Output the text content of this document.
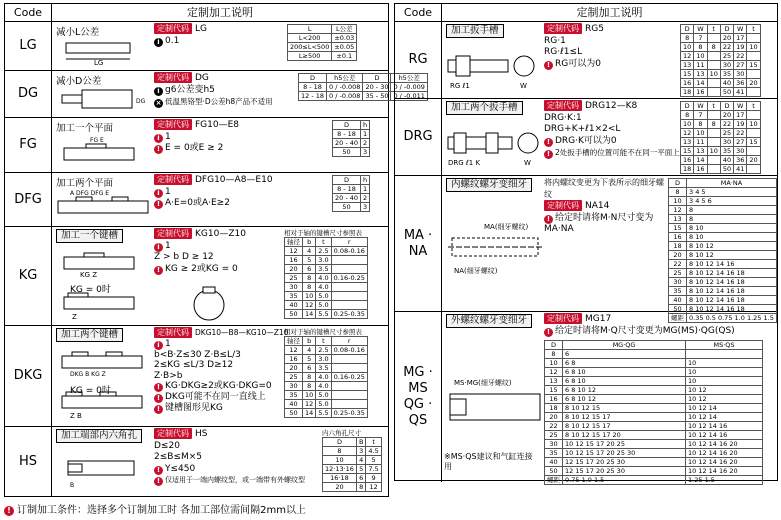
Code	定制加工说明
LG
减小L公差
LG
定制代码 LG
i 0.1
L	L公差
L<200	±0.03
200≤L<500	±0.05
L≥500	±0.1
DG
减小D公差
DG
定制代码 DG
i g6公差变h5
× 低温黑铬型·D公差h8产品不适用
D	h5公差	D	h5公差
8 - 18	0 / -0.008	20 - 30	0 / -0.009
12 - 18	0 / -0.008	35 - 50	0 / -0.011
FG
加工一个平面
FG E
定制代码 FG10—E8
i 1
! E = 0或E ≥ 2
D	h
8 - 18	1
20 - 40	2
50	3
DFG
加工两个平面
A DFG DFG E
定制代码 DFG10—A8—E10
i 1
! A·E=0或A·E≥2
D	h
8 - 18	1
20 - 40	2
50	3
KG
加工一个键槽
KG Z
Z
KG = 0时
定制代码 KG10—Z10
i 1
Z > b D ≥ 12
! KG ≥ 2或KG = 0
相对于轴的键槽尺寸参照表
轴径	b	t	r
12	4	2.5	0.08-0.16
16	5	3.0	
20	6	3.5	
25	8	4.0	0.16-0.25
30	8	4.0	
35	10	5.0	
40	12	5.0	
50	14	5.5	0.25-0.35
DKG
加工两个键槽
DKG B KG Z
Z B
KG = 0时
定制代码 DKG10—B8—KG10—Z10
i 1
b<B·Z≤30 Z·B≤L/3
2≤KG ≤L/3 D≥12
Z·B>b
! KG·DKG≥2或KG·DKG=0
! DKG可能不在同一直线上
! 键槽图形见KG
相对于轴的键槽尺寸参照表
轴径	b	t	r
12	4	2.5	0.08-0.16
16	5	3.0	
20	6	3.5	
25	8	4.0	0.16-0.25
30	8	4.0	
35	10	5.0	
40	12	5.0	
50	14	5.5	0.25-0.35
HS
加工端部内六角孔
B
定制代码 HS
D≤20
2≤B≤M×5
! Y≤450
! 仅适用于一端内螺纹型，或一端带有外螺纹型
内六角孔尺寸
D	B	t
8	3	4.5
10	4	5
12·13·16	5	7.5
16·18	6	9
20	8	12
Code	定制加工说明
RG
加工扳手槽
RG ℓ1	W
定制代码 RG5
RG·1
RG·ℓ1≤L
! RG可以为0
D	W	t	D	W	t
8	7		20	17	
10	8	8	22	19	10
12	10		25	22	
13	11		30	27	15
15	13	10	35	30	
16	14		40	36	20
18	16		50	41	
DRG
加工两个扳手槽
DRG ℓ1 K	W
定制代码 DRG12—K8
DRG·K:1
DRG+K+ℓ1×2<L
! DRG·K可以为0
! 2处扳手槽的位置可能不在同一平面上
D	W	t	D	W	t
8	7		20	17	
10	8	8	22	19	10
12	10		25	22	
13	11		30	27	15
15	13	10	35	30	
16	14		40	36	20
18	16		50	41	
MA · NA
内螺纹螺牙变细牙
MA(细牙螺纹)
NA(细牙螺纹)
将内螺纹变更为下表所示的细牙螺纹
定制代码 NA14
! 给定时请将M·N尺寸变为MA·NA
D	MA·NA
8	3 4 5
10	3 4 5 6
12	8
13	8
15	8 10
16	8 10
18	8 10 12
20	8 10 12
22	8 10 12 14 16
25	8 10 12 14 16 18
30	8 10 12 14 16 18
35	8 10 12 14 16 18
40	8 10 12 14 16 18
50	8 10 12 14 16 18
螺距	0.35 0.5 0.75 1.0 1.25 1.5
MG · MS
QG · QS
外螺纹螺牙变细牙
MS·MG(细牙螺纹)
定制代码 MG17
! 给定时请将M·Q尺寸变更为MG(MS)·QG(QS)
※MS·QS建议和气缸连接用
D	MG·QG	MS·QS
8	6	
10	6 8	10
12	6 8 10	10
13	6 8 10	10
15	6 8 10 12	10 12
16	6 8 10 12	10 12
18	8 10 12 15	10 12 14
20	8 10 12 15 17	10 12 14
22	8 10 12 15 17	10 12 14 16
25	8 10 12 15 17 20	10 12 14 16
30	10 12 15 17 20 25	10 12 14 16 20
35	10 12 15 17 20 25 30	10 12 14 16 20
40	12 15 17 20 25 30	10 12 14 16 20
50	12 15 17 20 25 30	10 12 14 16 20
螺距	0.75 1.0 1.5	1.25 1.5
! 订制加工条件：选择多个订制加工时 各加工部位需间隔2mm以上
